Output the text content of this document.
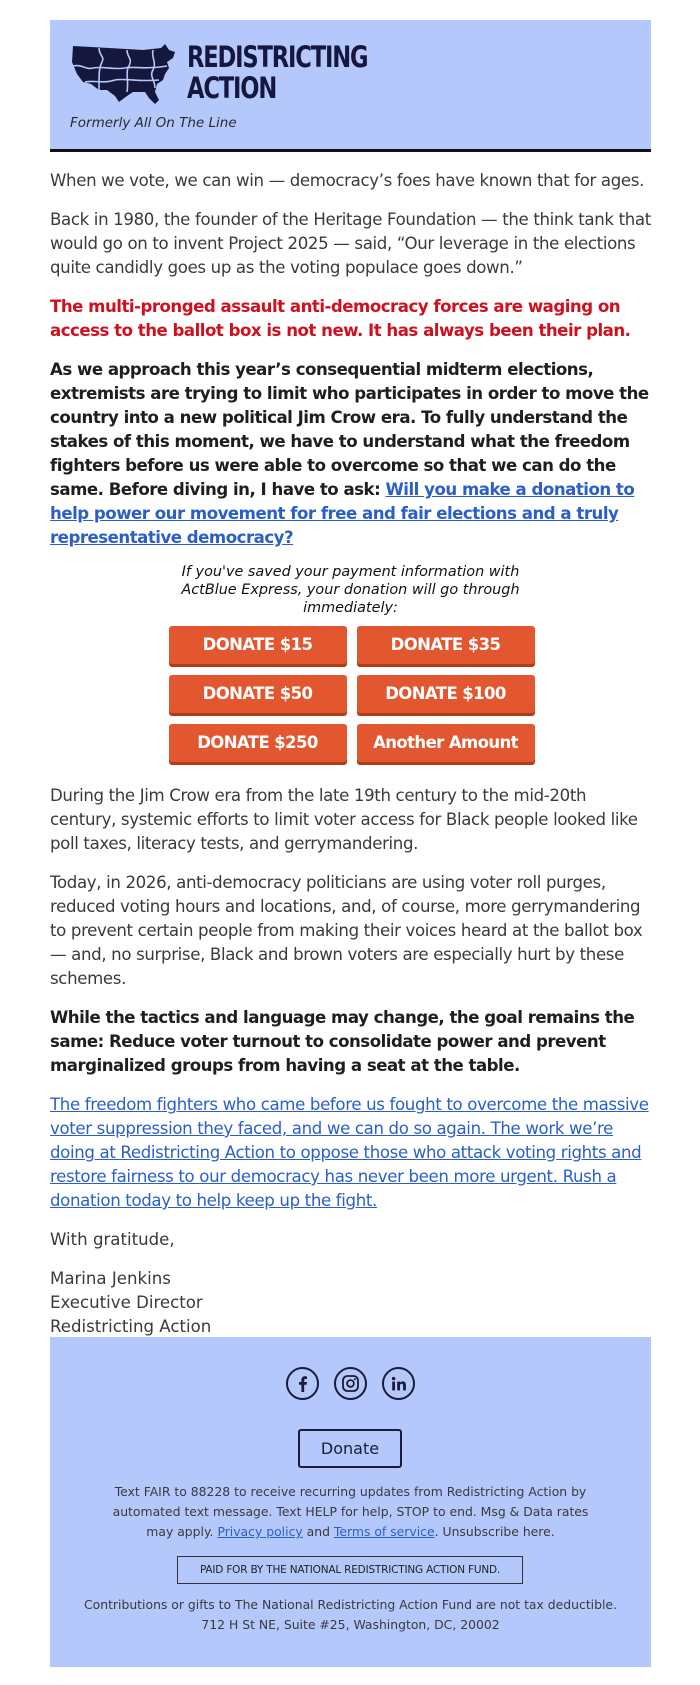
REDISTRICTING
ACTION
Formerly All On The Line

When we vote, we can win — democracy’s foes have known that for ages.

Back in 1980, the founder of the Heritage Foundation — the think tank that would go on to invent Project 2025 — said, “Our leverage in the elections quite candidly goes up as the voting populace goes down.”

The multi-pronged assault anti-democracy forces are waging on access to the ballot box is not new. It has always been their plan.

As we approach this year’s consequential midterm elections, extremists are trying to limit who participates in order to move the country into a new political Jim Crow era. To fully understand the stakes of this moment, we have to understand what the freedom fighters before us were able to overcome so that we can do the same. Before diving in, I have to ask: Will you make a donation to help power our movement for free and fair elections and a truly representative democracy?

If you've saved your payment information with ActBlue Express, your donation will go through immediately:
DONATE $15	DONATE $35
DONATE $50	DONATE $100
DONATE $250	Another Amount

During the Jim Crow era from the late 19th century to the mid-20th century, systemic efforts to limit voter access for Black people looked like poll taxes, literacy tests, and gerrymandering.

Today, in 2026, anti-democracy politicians are using voter roll purges, reduced voting hours and locations, and, of course, more gerrymandering to prevent certain people from making their voices heard at the ballot box — and, no surprise, Black and brown voters are especially hurt by these schemes.

While the tactics and language may change, the goal remains the same: Reduce voter turnout to consolidate power and prevent marginalized groups from having a seat at the table.

The freedom fighters who came before us fought to overcome the massive voter suppression they faced, and we can do so again. The work we’re doing at Redistricting Action to oppose those who attack voting rights and restore fairness to our democracy has never been more urgent. Rush a donation today to help keep up the fight.

With gratitude,

Marina Jenkins
Executive Director
Redistricting Action
Donate
Text FAIR to 88228 to receive recurring updates from Redistricting Action by automated text message. Text HELP for help, STOP to end. Msg & Data rates may apply. Privacy policy and Terms of service. Unsubscribe here.
PAID FOR BY THE NATIONAL REDISTRICTING ACTION FUND.
Contributions or gifts to The National Redistricting Action Fund are not tax deductible.
712 H St NE, Suite #25, Washington, DC, 20002
